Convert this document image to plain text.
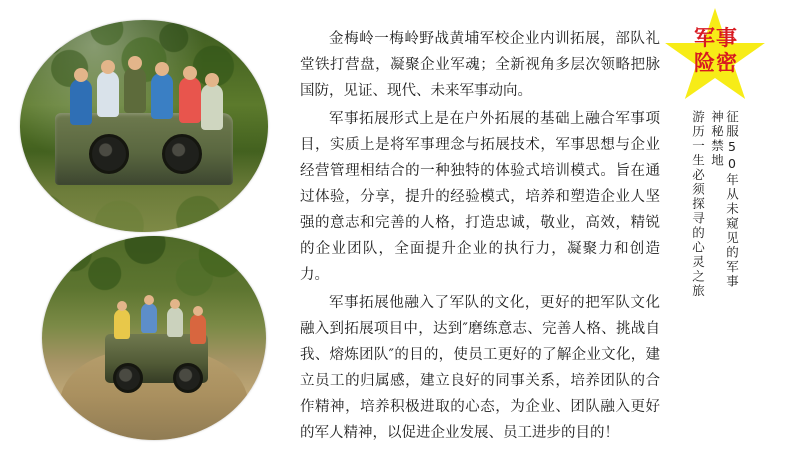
金梅岭一梅岭野战黄埔军校企业内训拓展，部队礼堂铁打营盘，凝聚企业军魂；全新视角多层次领略把脉国防，见证、现代、未来军事动向。

军事拓展形式上是在户外拓展的基础上融合军事项目，实质上是将军事理念与拓展技术，军事思想与企业经营管理相结合的一种独特的体验式培训模式。旨在通过体验，分享，提升的经验模式，培养和塑造企业人坚强的意志和完善的人格，打造忠诚，敬业，高效，精锐的企业团队，全面提升企业的执行力，凝聚力和创造力。

军事拓展他融入了军队的文化，更好的把军队文化融入到拓展项目中，达到″磨练意志、完善人格、挑战自我、熔炼团队″的目的，使员工更好的了解企业文化，建立员工的归属感，建立良好的同事关系，培养团队的合作精神，培养积极进取的心态，为企业、团队融入更好的军人精神，以促进企业发展、员工进步的目的！

军事险密
征服50年从未窥见的军事神秘禁地
游历一生必须探寻的心灵之旅
